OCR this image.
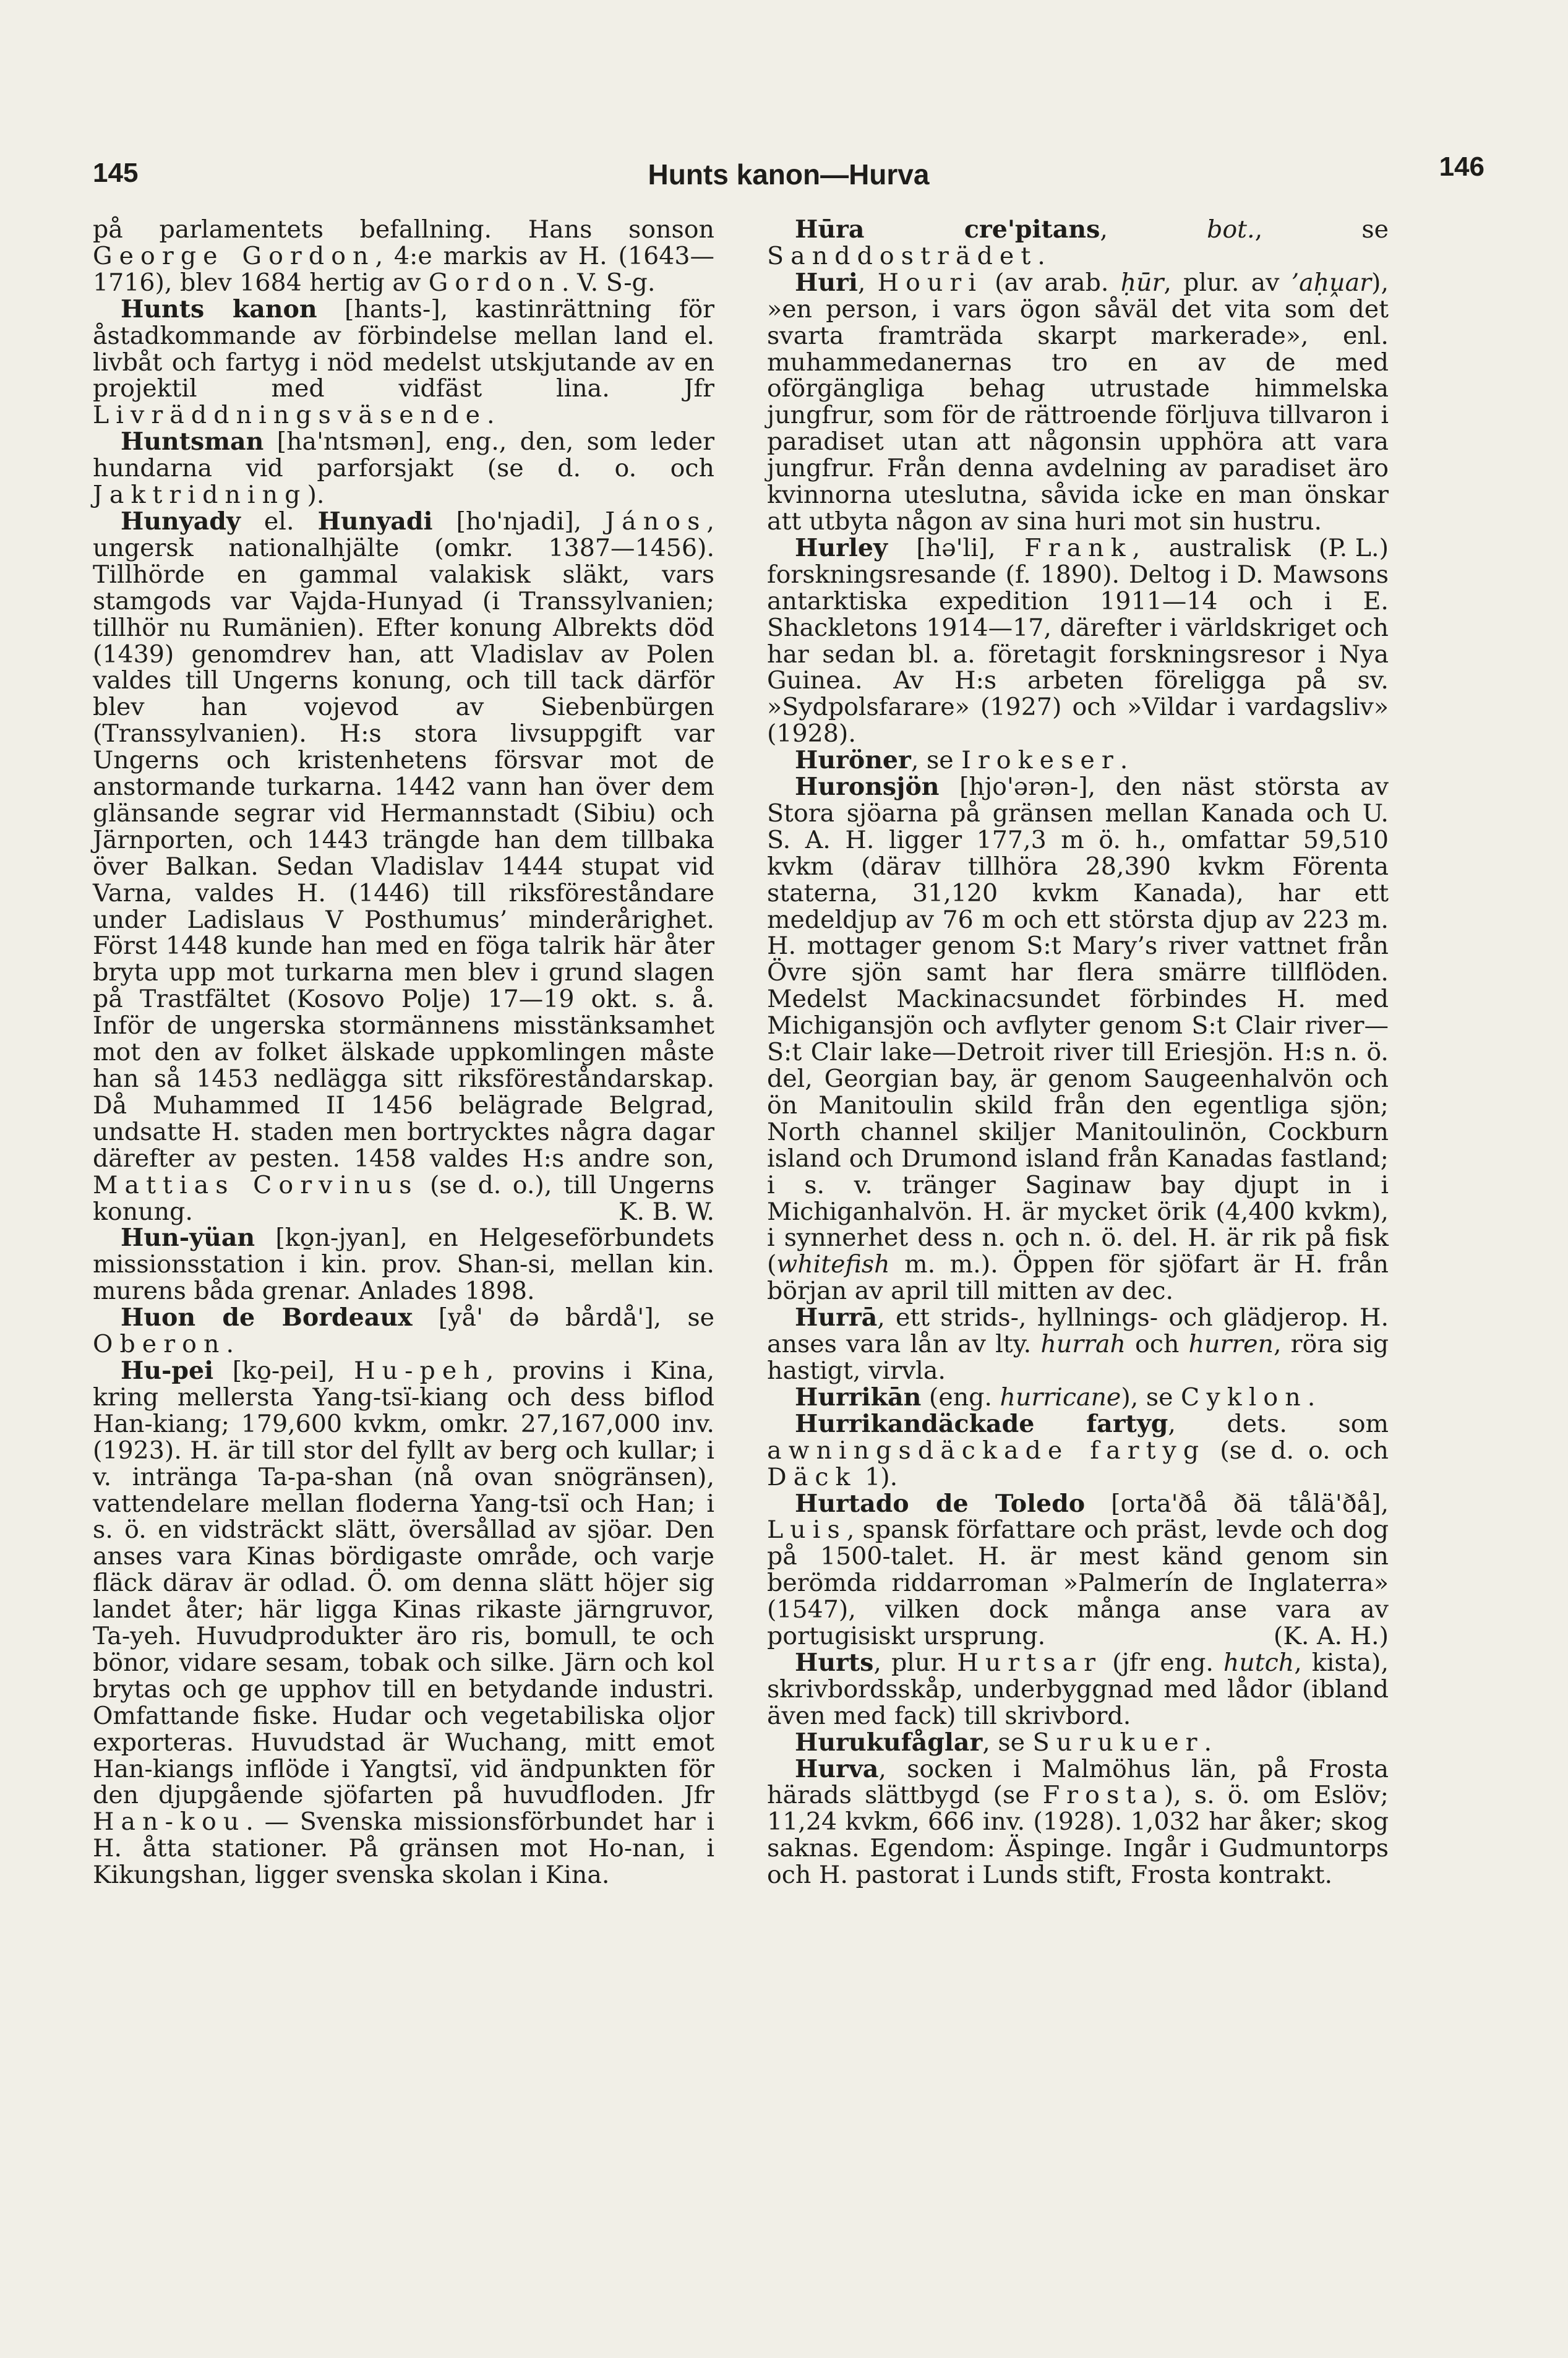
145	Hunts kanon—Hurva	146

på parlamentets befallning. Hans sonson George Gordon, 4:e markis av H. (1643—1716), blev 1684 hertig av Gordon. V. S-g.

Hunts kanon [hants-], kastinrättning för åstadkommande av förbindelse mellan land el. livbåt och fartyg i nöd medelst utskjutande av en projektil med vidfäst lina. Jfr Livräddningsväsende.

Huntsman [ha'ntsmən], eng., den, som leder hundarna vid parforsjakt (se d. o. och Jaktridning).

Hunyady el. Hunyadi [ho'njadi], János, ungersk nationalhjälte (omkr. 1387—1456). Tillhörde en gammal valakisk släkt, vars stamgods var Vajda-Hunyad (i Transsylvanien; tillhör nu Rumänien). Efter konung Albrekts död (1439) genomdrev han, att Vladislav av Polen valdes till Ungerns konung, och till tack därför blev han vojevod av Siebenbürgen (Transsylvanien). H:s stora livsuppgift var Ungerns och kristenhetens försvar mot de anstormande turkarna. 1442 vann han över dem glänsande segrar vid Hermannstadt (Sibiu) och Järnporten, och 1443 trängde han dem tillbaka över Balkan. Sedan Vladislav 1444 stupat vid Varna, valdes H. (1446) till riksföreståndare under Ladislaus V Posthumus’ minderårighet. Först 1448 kunde han med en föga talrik här åter bryta upp mot turkarna men blev i grund slagen på Trastfältet (Kosovo Polje) 17—19 okt. s. å. Inför de ungerska stormännens misstänksamhet mot den av folket älskade uppkomlingen måste han så 1453 nedlägga sitt riksföreståndarskap. Då Muhammed II 1456 belägrade Belgrad, undsatte H. staden men bortrycktes några dagar därefter av pesten. 1458 valdes H:s andre son, Mattias Corvinus (se d. o.), till Ungerns konung.	K. B. W.

Hun-yüan [ko̱n-jyan], en Helgeseförbundets missionsstation i kin. prov. Shan-si, mellan kin. murens båda grenar. Anlades 1898.

Huon de Bordeaux [yå' də bårdå'], se Oberon.

Hu-pei [ko̱-pei], Hu-peh, provins i Kina, kring mellersta Yang-tsï-kiang och dess biflod Han-kiang; 179,600 kvkm, omkr. 27,167,000 inv. (1923). H. är till stor del fyllt av berg och kullar; i v. intränga Ta-pa-shan (nå ovan snögränsen), vattendelare mellan floderna Yang-tsï och Han; i s. ö. en vidsträckt slätt, översållad av sjöar. Den anses vara Kinas bördigaste område, och varje fläck därav är odlad. Ö. om denna slätt höjer sig landet åter; här ligga Kinas rikaste järngruvor, Ta-yeh. Huvudprodukter äro ris, bomull, te och bönor, vidare sesam, tobak och silke. Järn och kol brytas och ge upphov till en betydande industri. Omfattande fiske. Hudar och vegetabiliska oljor exporteras. Huvudstad är Wuchang, mitt emot Han-kiangs inflöde i Yangtsï, vid ändpunkten för den djupgående sjöfarten på huvudfloden. Jfr Han-kou. — Svenska missionsförbundet har i H. åtta stationer. På gränsen mot Ho-nan, i Kikungshan, ligger svenska skolan i Kina.

Hūra cre'pitans, bot., se Sanddosträdet.

Huri, Houri (av arab. ḥūr, plur. av ’aḥṷar), »en person, i vars ögon såväl det vita som det svarta framträda skarpt markerade», enl. muhammedanernas tro en av de med oförgängliga behag utrustade himmelska jungfrur, som för de rättroende förljuva tillvaron i paradiset utan att någonsin upphöra att vara jungfrur. Från denna avdelning av paradiset äro kvinnorna uteslutna, såvida icke en man önskar att utbyta någon av sina huri mot sin hustru.
(P. L.)

Hurley [hə'li], Frank, australisk forskningsresande (f. 1890). Deltog i D. Mawsons antarktiska expedition 1911—14 och i E. Shackletons 1914—17, därefter i världskriget och har sedan bl. a. företagit forskningsresor i Nya Guinea. Av H:s arbeten föreligga på sv. »Sydpolsfarare» (1927) och »Vildar i vardagsliv» (1928).

Huröner, se Irokeser.

Huronsjön [hjo'ərən-], den näst största av Stora sjöarna på gränsen mellan Kanada och U. S. A. H. ligger 177,3 m ö. h., omfattar 59,510 kvkm (därav tillhöra 28,390 kvkm Förenta staterna, 31,120 kvkm Kanada), har ett medeldjup av 76 m och ett största djup av 223 m. H. mottager genom S:t Mary’s river vattnet från Övre sjön samt har flera smärre tillflöden. Medelst Mackinacsundet förbindes H. med Michigansjön och avflyter genom S:t Clair river—S:t Clair lake—Detroit river till Eriesjön. H:s n. ö. del, Georgian bay, är genom Saugeenhalvön och ön Manitoulin skild från den egentliga sjön; North channel skiljer Manitoulinön, Cockburn island och Drumond island från Kanadas fastland; i s. v. tränger Saginaw bay djupt in i Michiganhalvön. H. är mycket örik (4,400 kvkm), i synnerhet dess n. och n. ö. del. H. är rik på fisk (whitefish m. m.). Öppen för sjöfart är H. från början av april till mitten av dec.

Hurrā, ett strids-, hyllnings- och glädjerop. H. anses vara lån av lty. hurrah och hurren, röra sig hastigt, virvla.

Hurrikān (eng. hurricane), se Cyklon.

Hurrikandäckade fartyg, dets. som awningsdäckade fartyg (se d. o. och Däck 1).

Hurtado de Toledo [orta'ðå ðä tålä'ðå], Luis, spansk författare och präst, levde och dog på 1500-talet. H. är mest känd genom sin berömda riddarroman »Palmerín de Inglaterra» (1547), vilken dock många anse vara av portugisiskt ursprung.	(K. A. H.)

Hurts, plur. Hurtsar (jfr eng. hutch, kista), skrivbordsskåp, underbyggnad med lådor (ibland även med fack) till skrivbord.

Hurukufåglar, se Surukuer.

Hurva, socken i Malmöhus län, på Frosta härads slättbygd (se Frosta), s. ö. om Eslöv; 11,24 kvkm, 666 inv. (1928). 1,032 har åker; skog saknas. Egendom: Äspinge. Ingår i Gudmuntorps och H. pastorat i Lunds stift, Frosta kontrakt.
